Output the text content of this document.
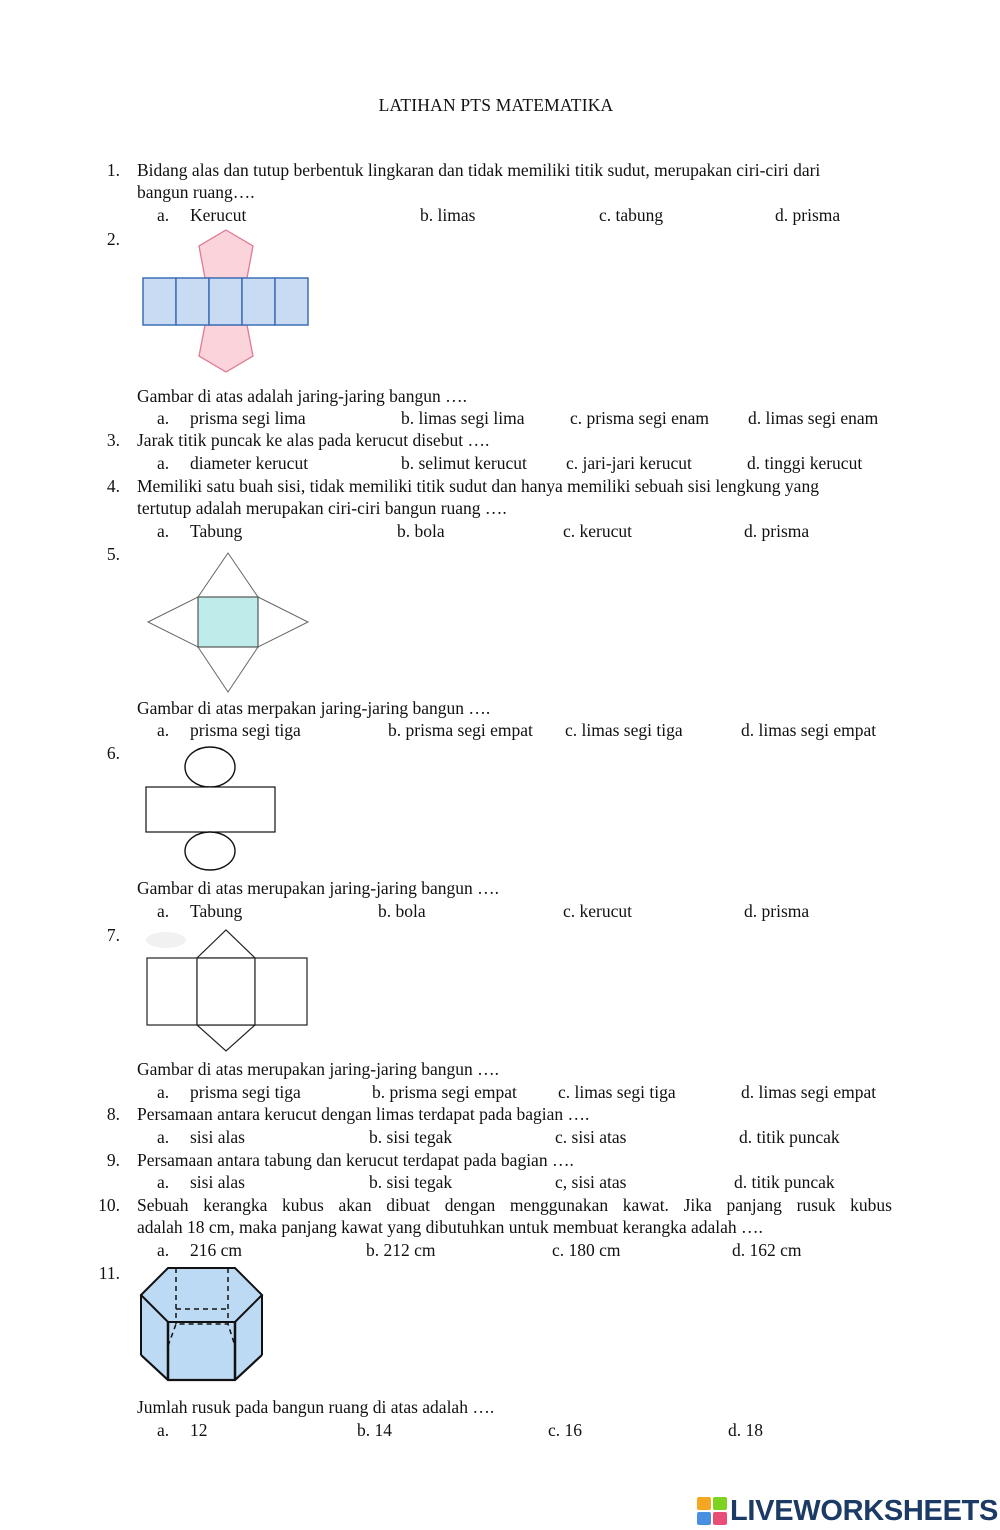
LATIHAN PTS MATEMATIKA
1. Bidang alas dan tutup berbentuk lingkaran dan tidak memiliki titik sudut, merupakan ciri-ciri dari
bangun ruang….
a. Kerucut	b. limas	c. tabung	d. prisma
2.
Gambar di atas adalah jaring-jaring bangun ….
a. prisma segi lima	b. limas segi lima	c. prisma segi enam d. limas segi enam
3. Jarak titik puncak ke alas pada kerucut disebut ….
a. diameter kerucut	b. selimut kerucut c. jari-jari kerucut	d. tinggi kerucut
4. Memiliki satu buah sisi, tidak memiliki titik sudut dan hanya memiliki sebuah sisi lengkung yang
tertutup adalah merupakan ciri-ciri bangun ruang ….
a. Tabung	b. bola	c. kerucut	d. prisma
5.
Gambar di atas merpakan jaring-jaring bangun ….
a. prisma segi tiga	b. prisma segi empat c. limas segi tiga	d. limas segi empat
6.
Gambar di atas merupakan jaring-jaring bangun ….
a. Tabung	b. bola	c. kerucut	d. prisma
7.
Gambar di atas merupakan jaring-jaring bangun ….
a. prisma segi tiga	b. prisma segi empat c. limas segi tiga	d. limas segi empat
8. Persamaan antara kerucut dengan limas terdapat pada bagian ….
a. sisi alas	b. sisi tegak	c. sisi atas	d. titik puncak
9. Persamaan antara tabung dan kerucut terdapat pada bagian ….
a. sisi alas	b. sisi tegak	c, sisi atas	d. titik puncak
10. Sebuah kerangka kubus akan dibuat dengan menggunakan kawat. Jika panjang rusuk kubus
adalah 18 cm, maka panjang kawat yang dibutuhkan untuk membuat kerangka adalah ….
a. 216 cm	b. 212 cm	c. 180 cm	d. 162 cm
11.
Jumlah rusuk pada bangun ruang di atas adalah ….
a. 12	b. 14	c. 16	d. 18
LIVEWORKSHEETS
